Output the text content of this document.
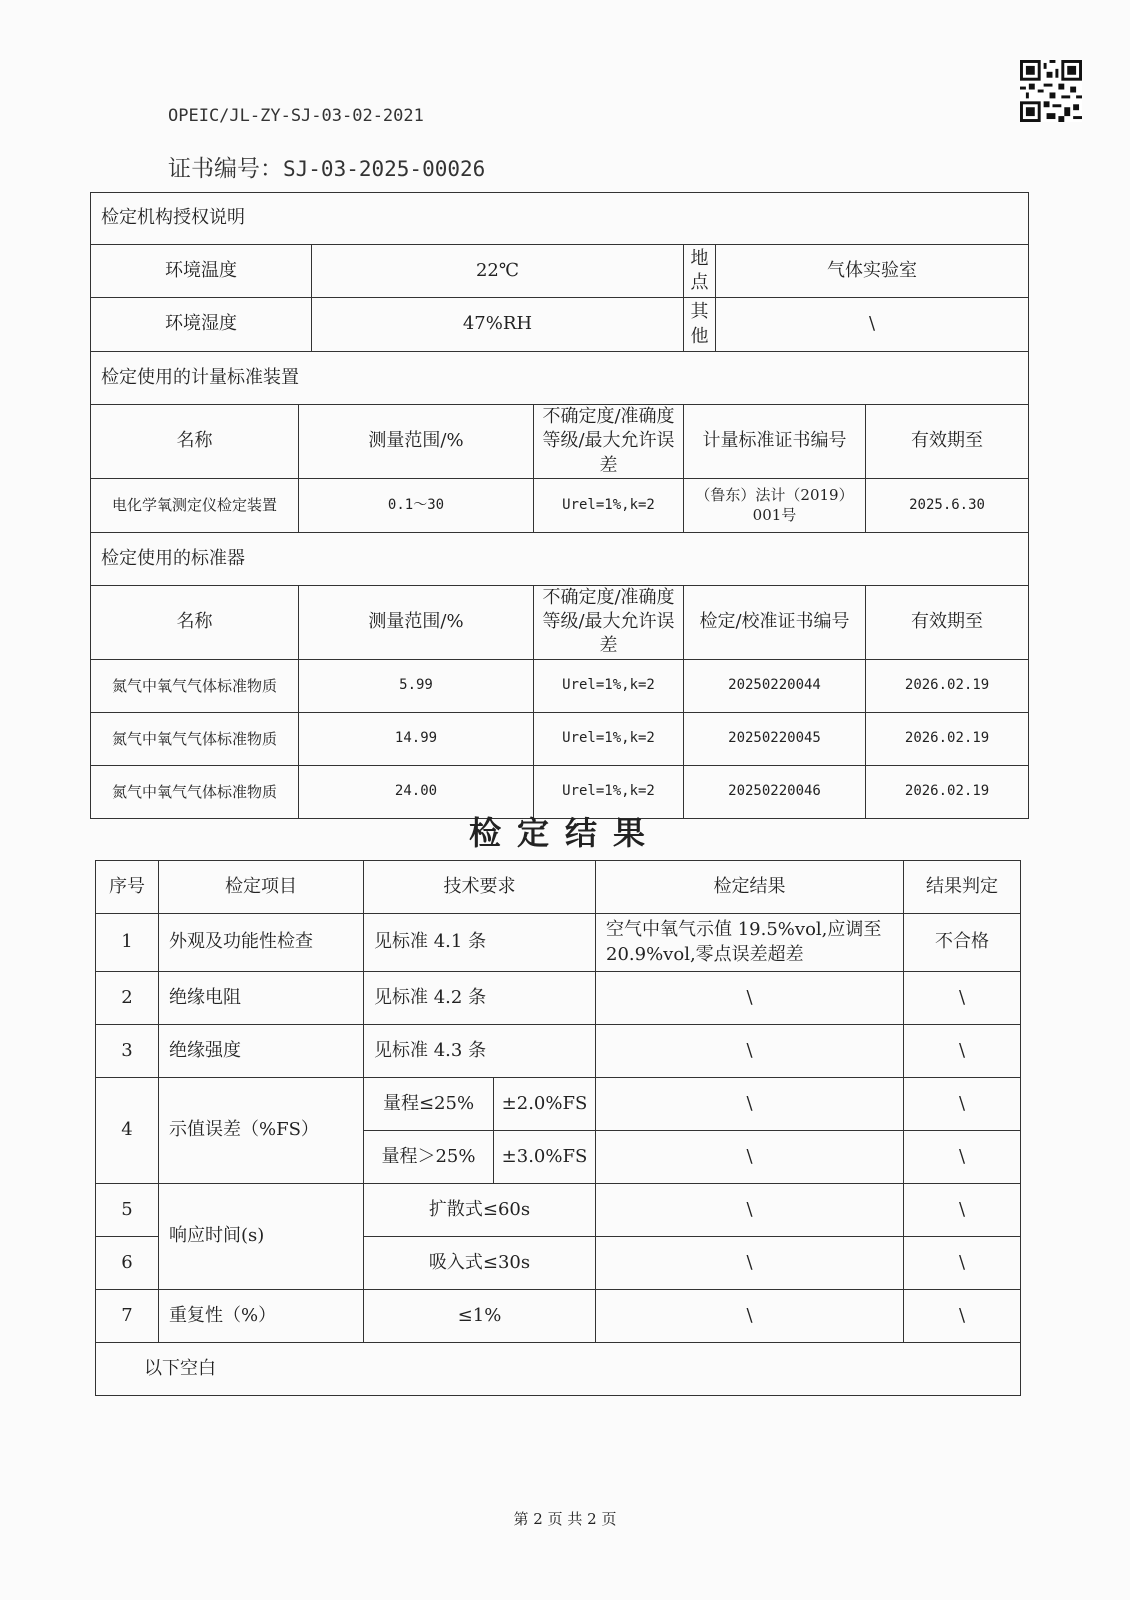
OPEIC/JL-ZY-SJ-03-02-2021
证书编号：SJ-03-2025-00026
检定机构授权说明						
环境温度		22℃		地点	气体实验室	
环境湿度		47%RH		其他	\	
检定使用的计量标准装置						
名称	测量范围/%		不确定度/准确度等级/最大允许误差	计量标准证书编号		有效期至
电化学氧测定仪检定装置	0.1～30		Urel=1%,k=2	（鲁东）法计（2019）001号		2025.6.30
检定使用的标准器						
名称	测量范围/%		不确定度/准确度等级/最大允许误差	检定/校准证书编号		有效期至
氮气中氧气气体标准物质	5.99		Urel=1%,k=2	20250220044		2026.02.19
氮气中氧气气体标准物质	14.99		Urel=1%,k=2	20250220045		2026.02.19
氮气中氧气气体标准物质	24.00		Urel=1%,k=2	20250220046		2026.02.19
检定结果
序号	检定项目	技术要求		检定结果	结果判定
1	外观及功能性检查	见标准 4.1 条		空气中氧气示值 19.5%vol,应调至 20.9%vol,零点误差超差	不合格
2	绝缘电阻	见标准 4.2 条		\	\
3	绝缘强度	见标准 4.3 条		\	\
4	示值误差（%FS）	量程≤25%	±2.0%FS	\	\
		量程＞25%	±3.0%FS	\	\
5	响应时间(s)	扩散式≤60s		\	\
6		吸入式≤30s		\	\
7	重复性（%）	≤1%		\	\
以下空白					
第 2 页 共 2 页
